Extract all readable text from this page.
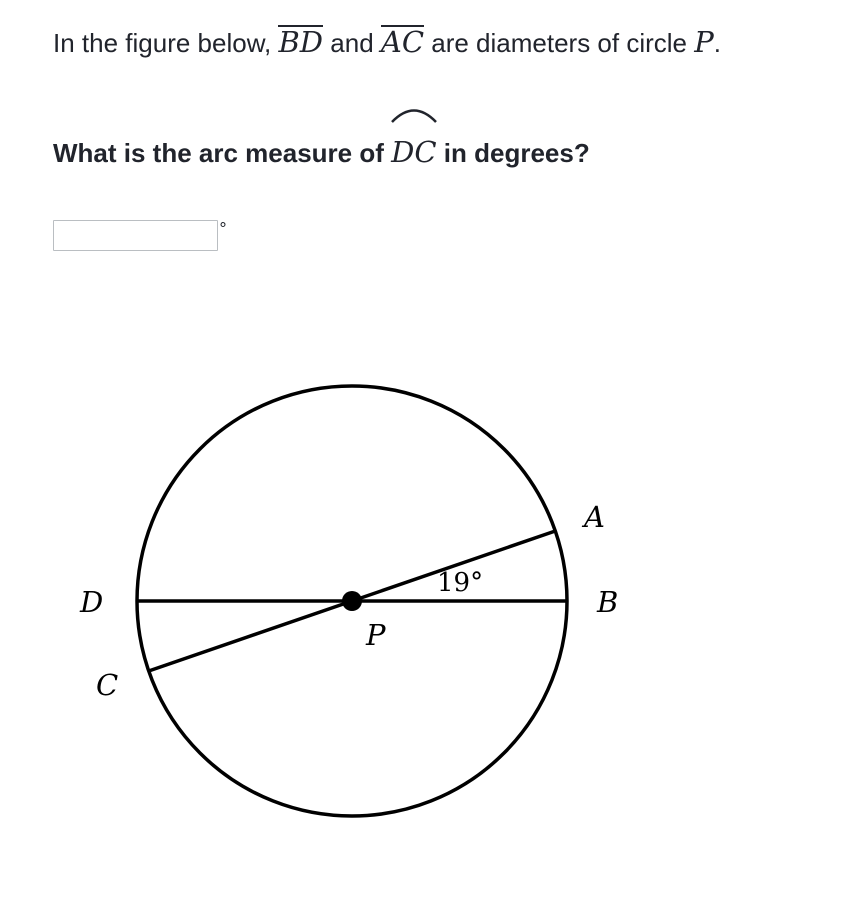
In the figure below, BD and AC are diameters of circle P.
What is the arc measure of
DC in degrees?
°
19°
A
B
C
D
P
